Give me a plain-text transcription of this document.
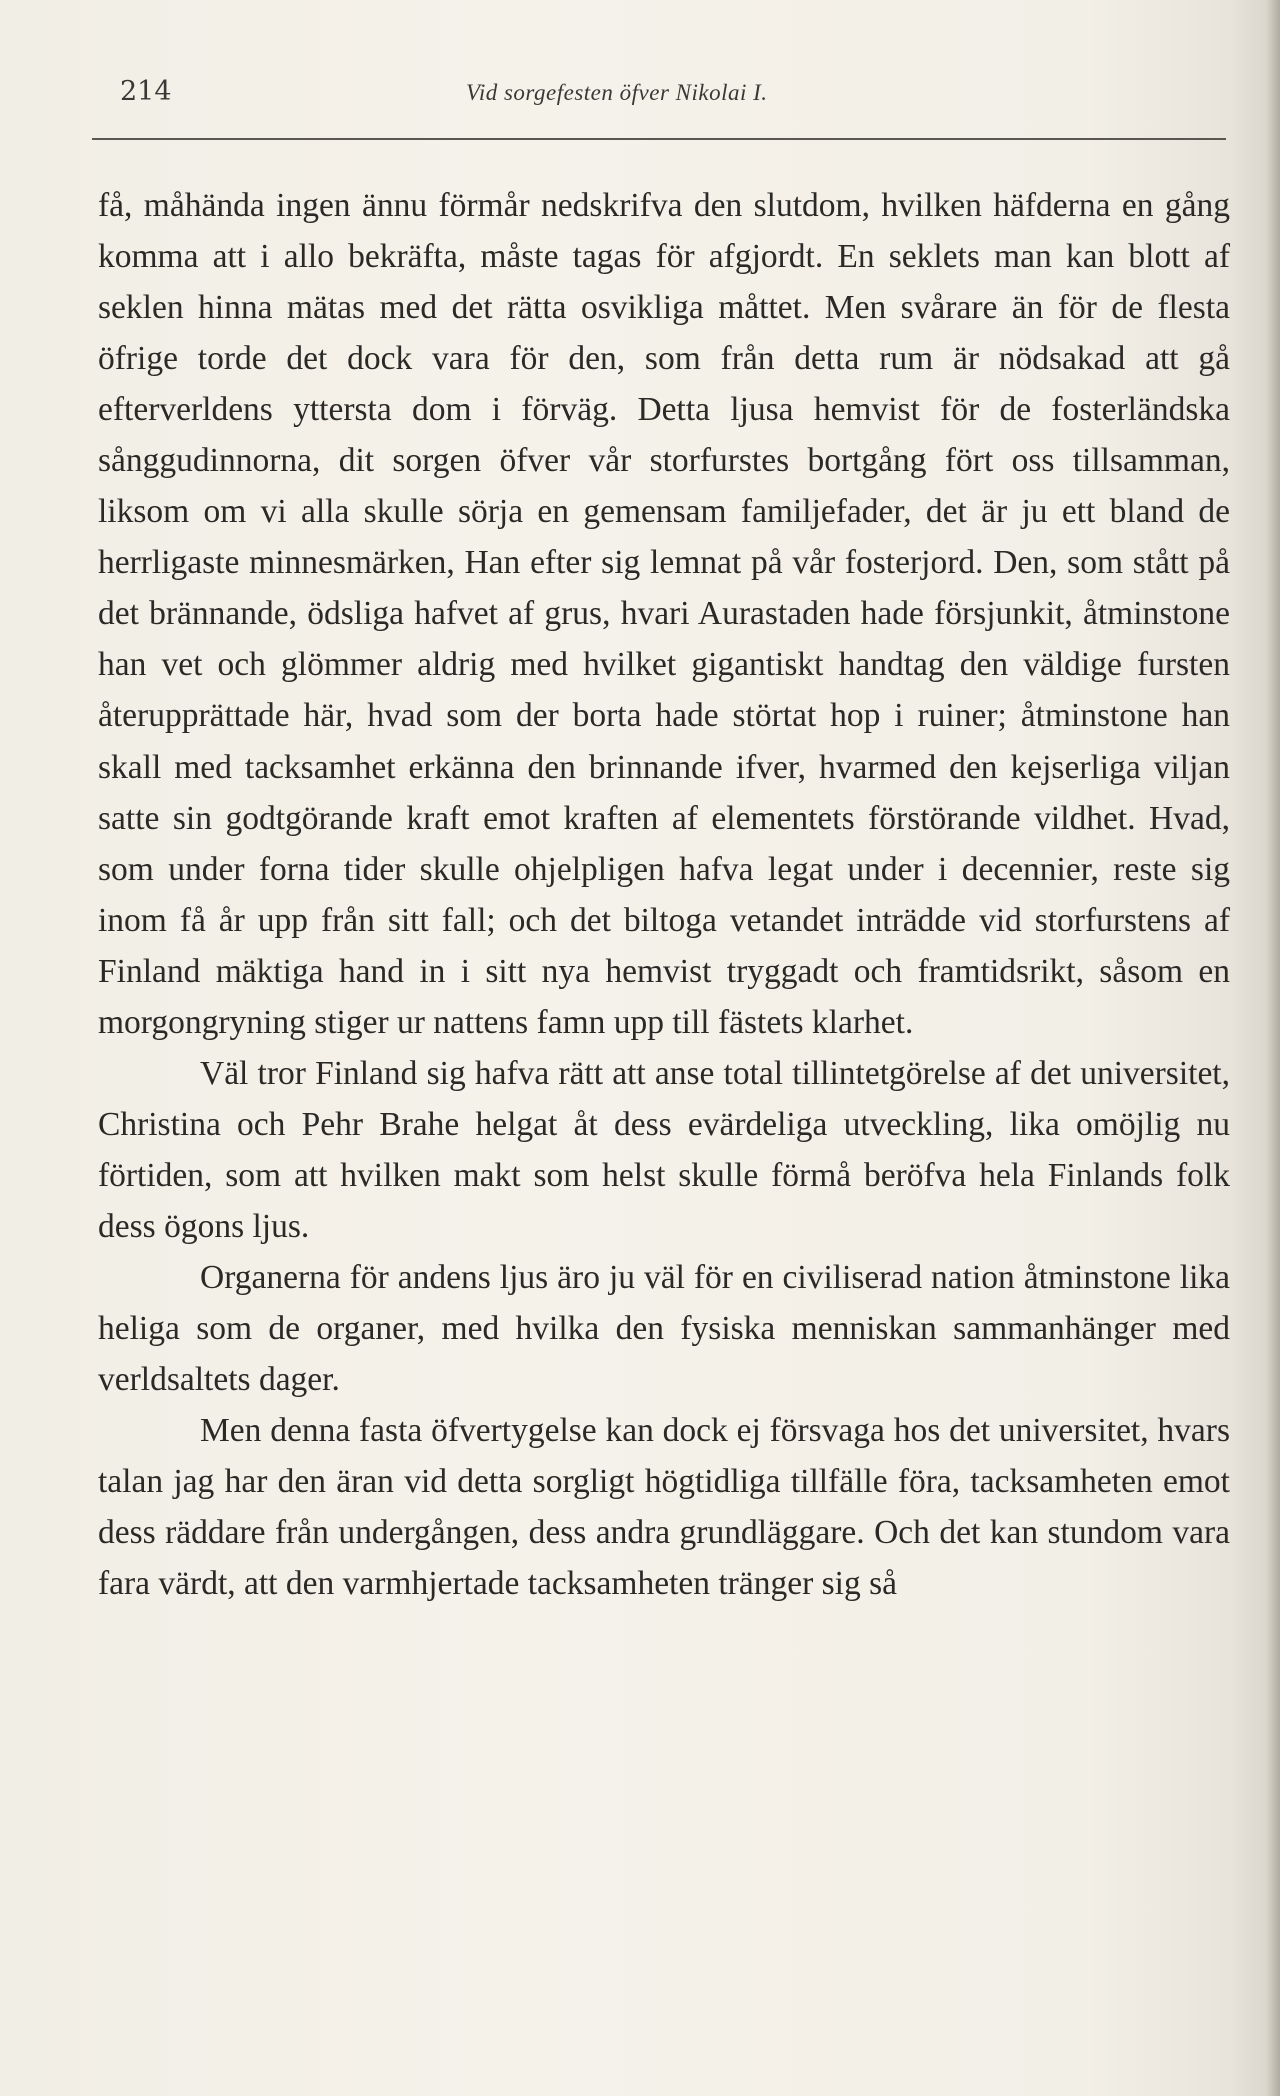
214	Vid sorgefesten öfver Nikolai I.

få, måhända ingen ännu förmår nedskrifva den slutdom, hvilken häfderna en gång komma att i allo bekräfta, måste tagas för afgjordt. En seklets man kan blott af seklen hinna mätas med det rätta osvikliga måttet. Men svårare än för de flesta öfrige torde det dock vara för den, som från detta rum är nödsakad att gå efterverldens yttersta dom i förväg. Detta ljusa hemvist för de fosterländska sånggudinnorna, dit sorgen öfver vår storfurstes bortgång fört oss tillsamman, liksom om vi alla skulle sörja en gemensam familjefader, det är ju ett bland de herrligaste minnesmärken, Han efter sig lemnat på vår fosterjord. Den, som stått på det brännande, ödsliga hafvet af grus, hvari Aurastaden hade försjunkit, åtminstone han vet och glömmer aldrig med hvilket gigantiskt handtag den väldige fursten återupprättade här, hvad som der borta hade störtat hop i ruiner; åtminstone han skall med tacksamhet erkänna den brinnande ifver, hvarmed den kejserliga viljan satte sin godtgörande kraft emot kraften af elementets förstörande vildhet. Hvad, som under forna tider skulle ohjelpligen hafva legat under i decennier, reste sig inom få år upp från sitt fall; och det biltoga vetandet inträdde vid storfurstens af Finland mäktiga hand in i sitt nya hemvist tryggadt och framtidsrikt, såsom en morgongryning stiger ur nattens famn upp till fästets klarhet.

Väl tror Finland sig hafva rätt att anse total tillintetgörelse af det universitet, Christina och Pehr Brahe helgat åt dess evärdeliga utveckling, lika omöjlig nu förtiden, som att hvilken makt som helst skulle förmå beröfva hela Finlands folk dess ögons ljus.

Organerna för andens ljus äro ju väl för en civiliserad nation åtminstone lika heliga som de organer, med hvilka den fysiska menniskan sammanhänger med verldsaltets dager.

Men denna fasta öfvertygelse kan dock ej försvaga hos det universitet, hvars talan jag har den äran vid detta sorgligt högtidliga tillfälle föra, tacksamheten emot dess räddare från undergången, dess andra grundläggare. Och det kan stundom vara fara värdt, att den varmhjertade tacksamheten tränger sig så
